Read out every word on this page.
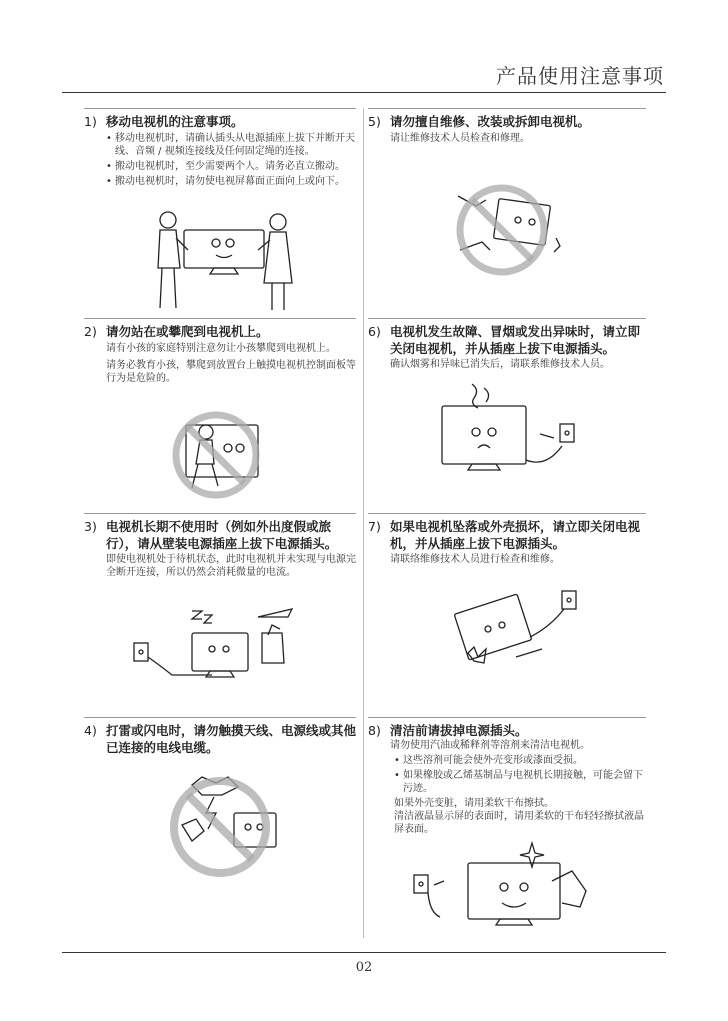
产品使用注意事项
1) 移动电视机的注意事项。
• 移动电视机时，请确认插头从电源插座上拔下并断开天线、音频 / 视频连接线及任何固定绳的连接。
• 搬动电视机时，至少需要两个人。请务必直立搬动。
• 搬动电视机时，请勿使电视屏幕面正面向上或向下。
2) 请勿站在或攀爬到电视机上。

请有小孩的家庭特别注意勿让小孩攀爬到电视机上。

请务必教育小孩，攀爬到放置台上触摸电视机控制面板等行为是危险的。

3) 电视机长期不使用时（例如外出度假或旅行），请从壁装电源插座上拔下电源插头。

即使电视机处于待机状态，此时电视机并未实现与电源完全断开连接，所以仍然会消耗微量的电流。

4) 打雷或闪电时，请勿触摸天线、电源线或其他已连接的电线电缆。
5) 请勿擅自维修、改装或拆卸电视机。

请让维修技术人员检查和修理。

6) 电视机发生故障、冒烟或发出异味时，请立即关闭电视机，并从插座上拔下电源插头。

确认烟雾和异味已消失后，请联系维修技术人员。

7) 如果电视机坠落或外壳损坏，请立即关闭电视机，并从插座上拔下电源插头。

请联络维修技术人员进行检查和维修。

8) 清洁前请拔掉电源插头。

请勿使用汽油或稀释剂等溶剂来清洁电视机。

• 这些溶剂可能会使外壳变形或漆面受损。
• 如果橡胶或乙烯基制品与电视机长期接触，可能会留下污迹。

如果外壳变脏，请用柔软干布擦拭。

清洁液晶显示屏的表面时，请用柔软的干布轻轻擦拭液晶屏表面。

02
